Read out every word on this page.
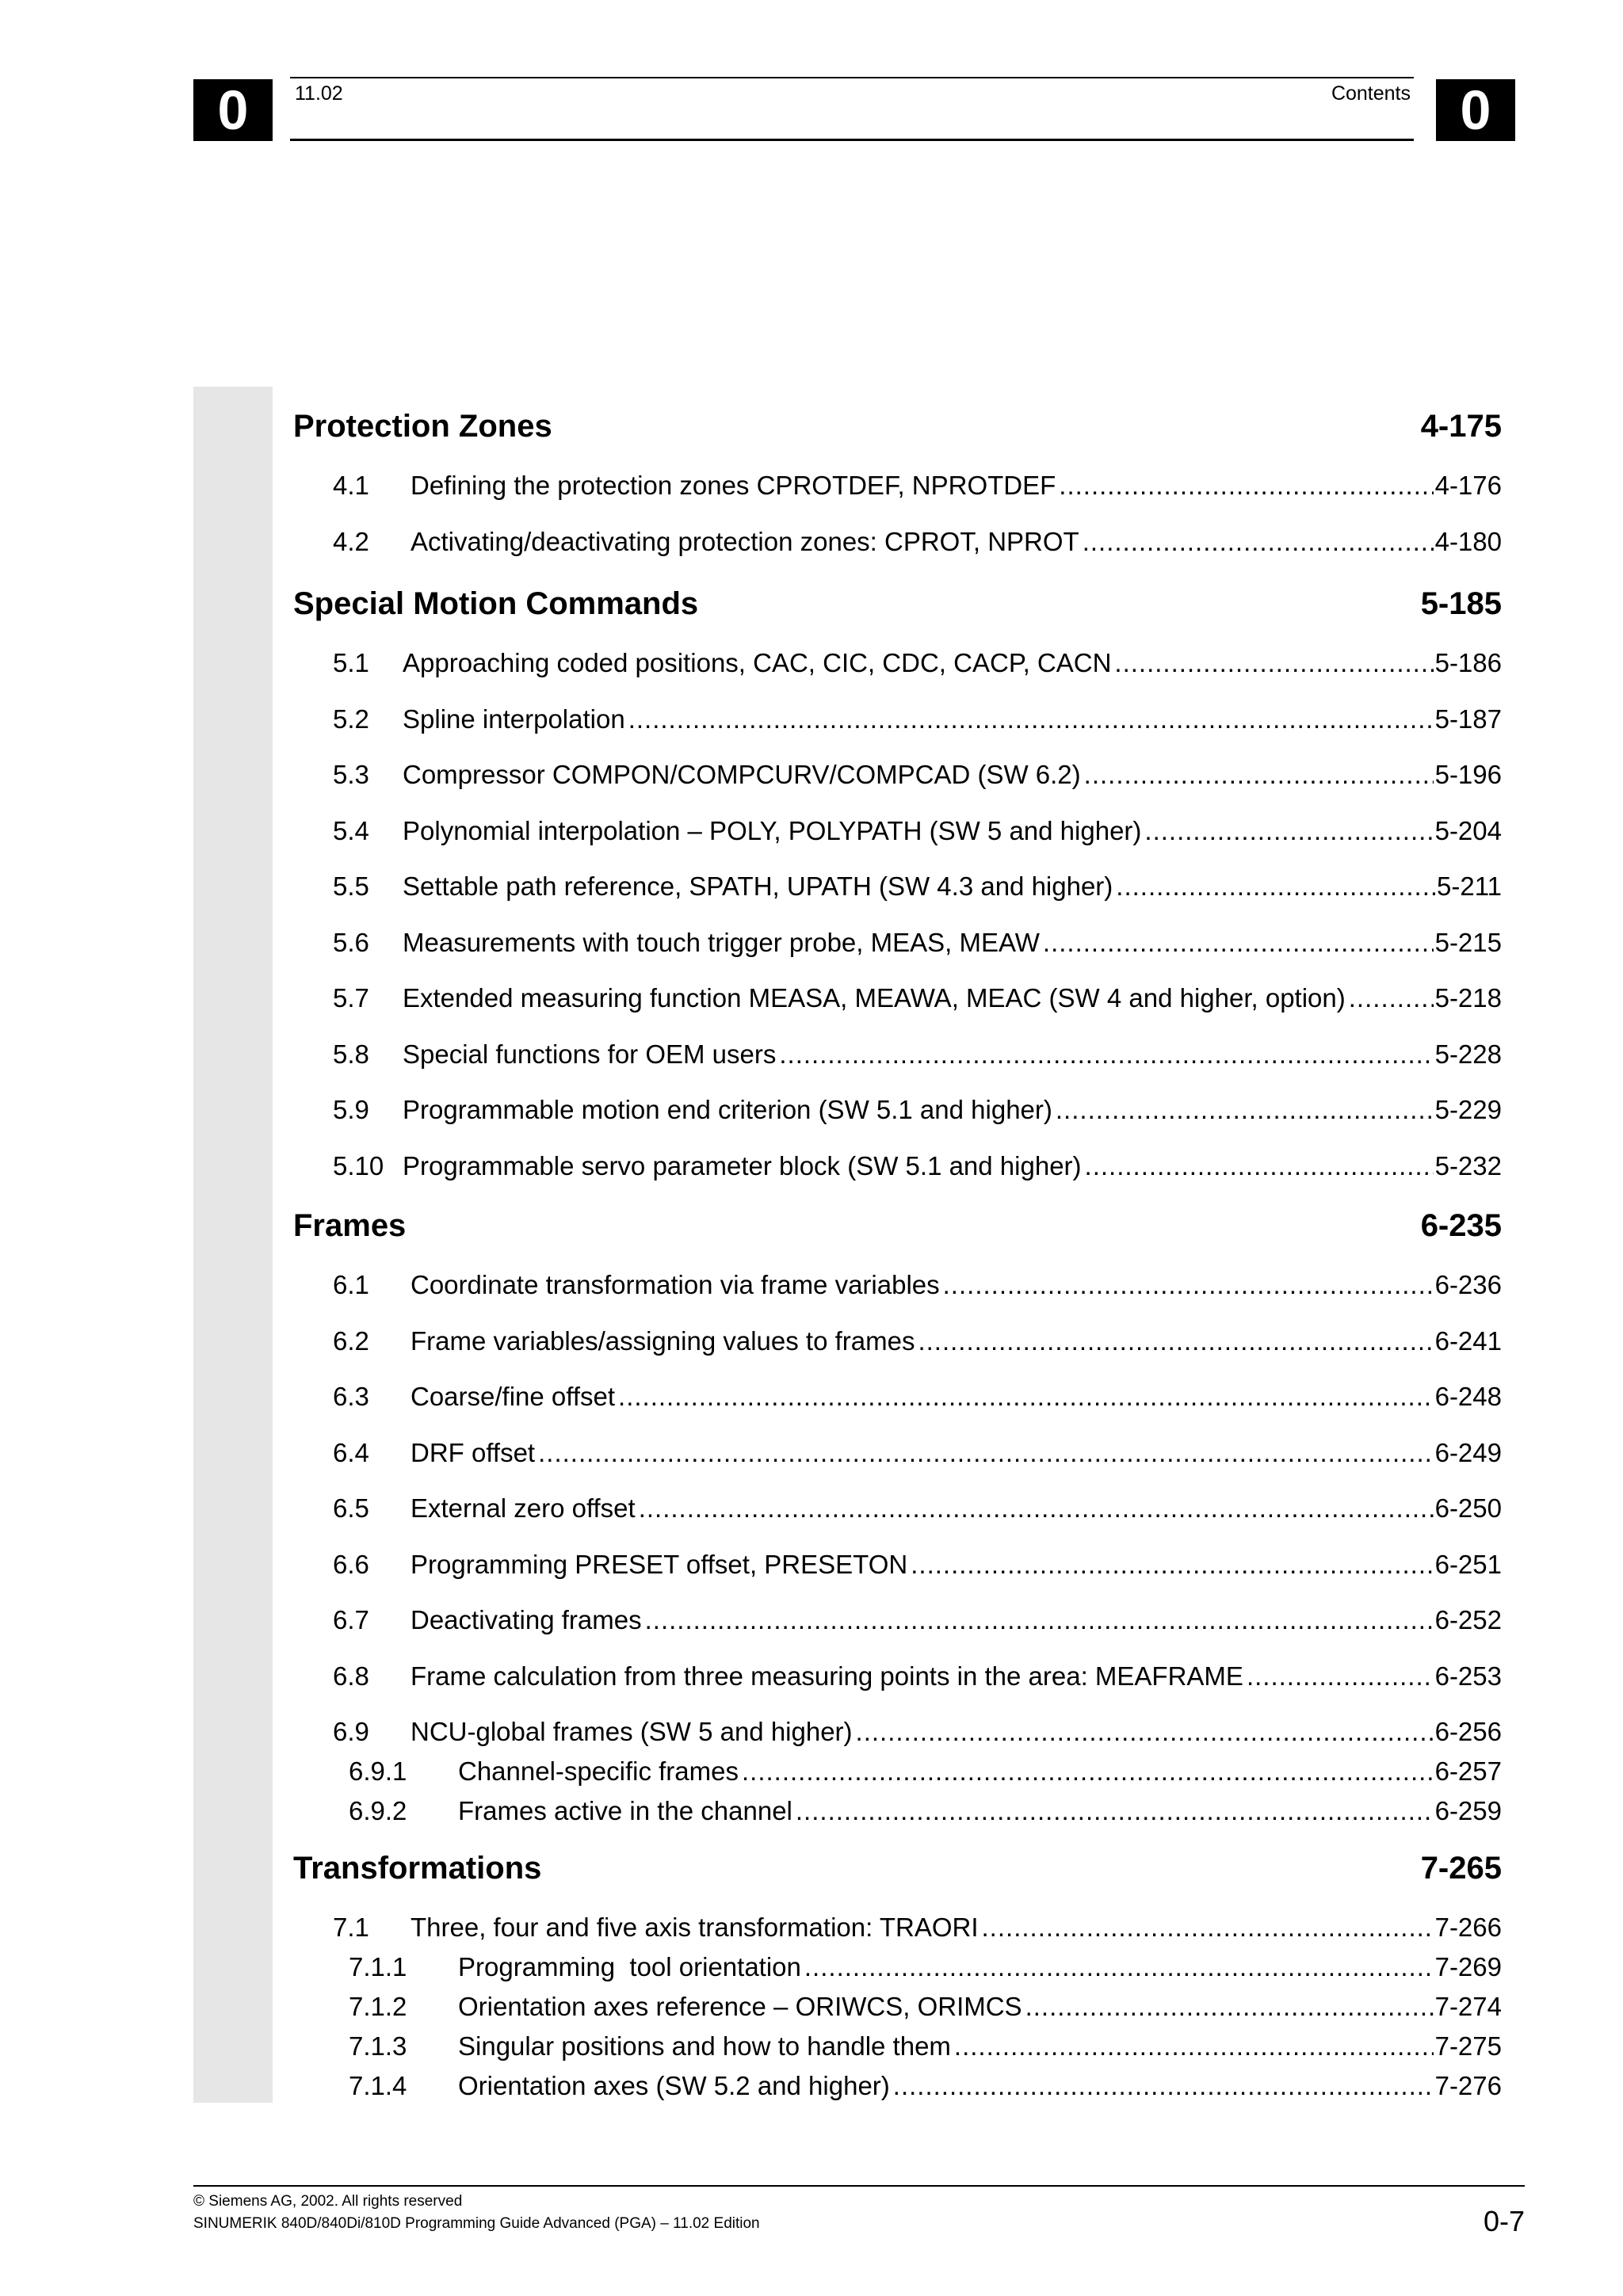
0	0
11.02	Contents
Protection Zones	4-175
4.1	Defining the protection zones CPROTDEF, NPROTDEF .....	4-176
4.2	Activating/deactivating protection zones: CPROT, NPROT .....	4-180
Special Motion Commands	5-185
5.1	Approaching coded positions, CAC, CIC, CDC, CACP, CACN .....	5-186
5.2	Spline interpolation .....	5-187
5.3	Compressor COMPON/COMPCURV/COMPCAD (SW 6.2) .....	5-196
5.4	Polynomial interpolation – POLY, POLYPATH (SW 5 and higher) .....	5-204
5.5	Settable path reference, SPATH, UPATH (SW 4.3 and higher) .....	5-211
5.6	Measurements with touch trigger probe, MEAS, MEAW .....	5-215
5.7	Extended measuring function MEASA, MEAWA, MEAC (SW 4 and higher, option) .....	5-218
5.8	Special functions for OEM users .....	5-228
5.9	Programmable motion end criterion (SW 5.1 and higher) .....	5-229
5.10 Programmable servo parameter block (SW 5.1 and higher) .....	5-232
Frames	6-235
6.1	Coordinate transformation via frame variables .....	6-236
6.2	Frame variables/assigning values to frames .....	6-241
6.3	Coarse/fine offset .....	6-248
6.4	DRF offset .....	6-249
6.5	External zero offset .....	6-250
6.6	Programming PRESET offset, PRESETON .....	6-251
6.7	Deactivating frames .....	6-252
6.8	Frame calculation from three measuring points in the area: MEAFRAME .....	6-253
6.9	NCU-global frames (SW 5 and higher) .....	6-256
6.9.1	Channel-specific frames .....	6-257
6.9.2	Frames active in the channel .....	6-259
Transformations	7-265
7.1	Three, four and five axis transformation: TRAORI .....	7-266
7.1.1	Programming  tool orientation .....	7-269
7.1.2	Orientation axes reference – ORIWCS, ORIMCS .....	7-274
7.1.3	Singular positions and how to handle them .....	7-275
7.1.4	Orientation axes (SW 5.2 and higher) .....	7-276
© Siemens AG, 2002. All rights reserved
SINUMERIK 840D/840Di/810D Programming Guide Advanced (PGA) – 11.02 Edition	0-7
